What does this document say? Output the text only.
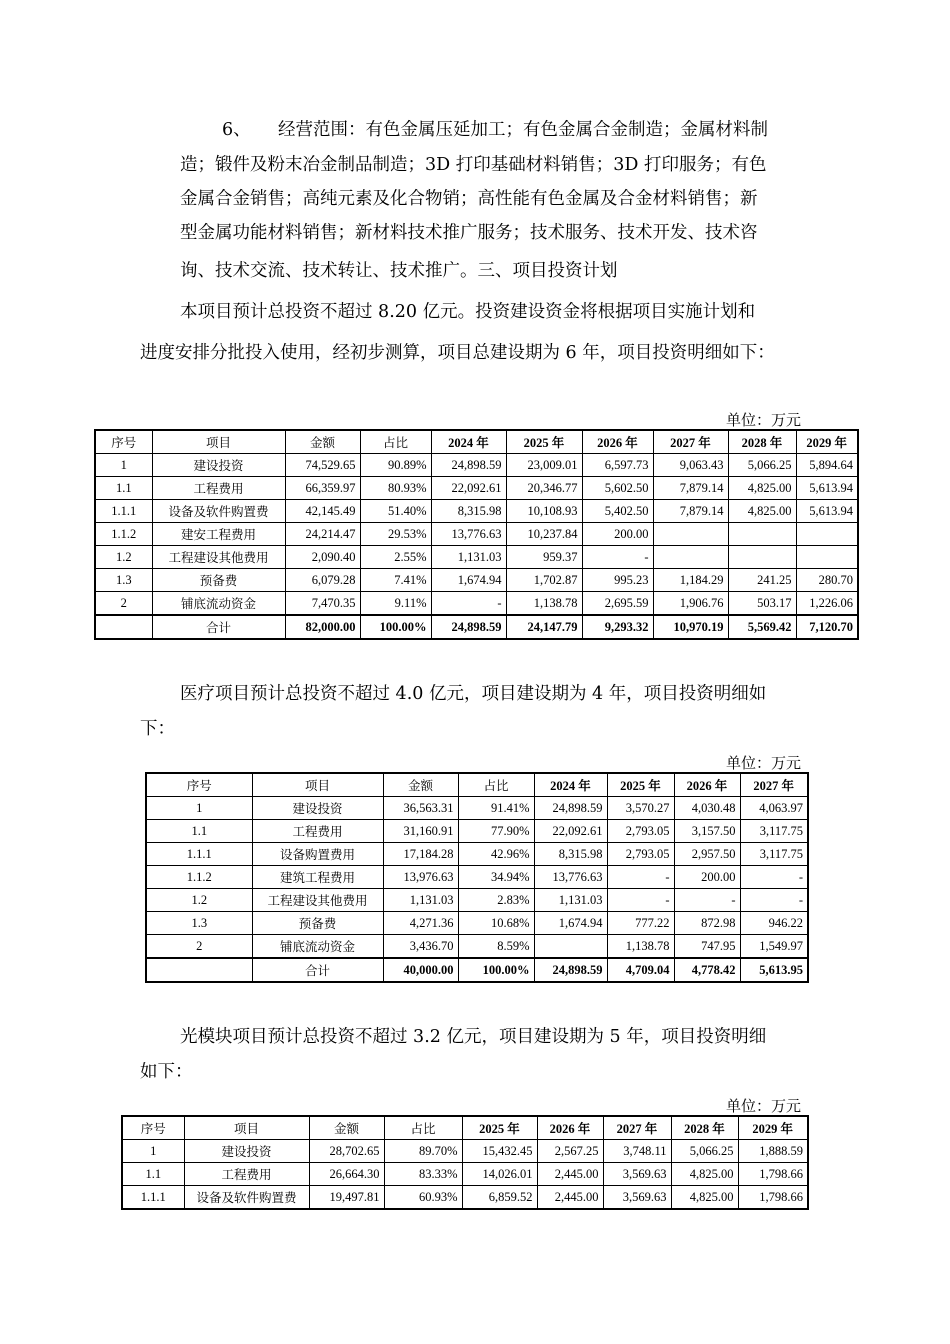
6、 经营范围：有色金属压延加工；有色金属合金制造；金属材料制
造；锻件及粉末冶金制品制造；3D 打印基础材料销售；3D 打印服务；有色
金属合金销售；高纯元素及化合物销；高性能有色金属及合金材料销售；新
型金属功能材料销售；新材料技术推广服务；技术服务、技术开发、技术咨
询、技术交流、技术转让、技术推广。三、项目投资计划
本项目预计总投资不超过 8.20 亿元。投资建设资金将根据项目实施计划和
进度安排分批投入使用，经初步测算，项目总建设期为 6 年，项目投资明细如下：
单位：万元
序号	项目	金额	占比	2024 年	2025 年	2026 年	2027 年	2028 年	2029 年
1	建设投资	74,529.65	90.89%	24,898.59	23,009.01	6,597.73	9,063.43	5,066.25	5,894.64
1.1	工程费用	66,359.97	80.93%	22,092.61	20,346.77	5,602.50	7,879.14	4,825.00	5,613.94
1.1.1	设备及软件购置费	42,145.49	51.40%	8,315.98	10,108.93	5,402.50	7,879.14	4,825.00	5,613.94
1.1.2	建安工程费用	24,214.47	29.53%	13,776.63	10,237.84	200.00			
1.2	工程建设其他费用	2,090.40	2.55%	1,131.03	959.37	-			
1.3	预备费	6,079.28	7.41%	1,674.94	1,702.87	995.23	1,184.29	241.25	280.70
2	铺底流动资金	7,470.35	9.11%	-	1,138.78	2,695.59	1,906.76	503.17	1,226.06
	合计	82,000.00	100.00%	24,898.59	24,147.79	9,293.32	10,970.19	5,569.42	7,120.70
医疗项目预计总投资不超过 4.0 亿元，项目建设期为 4 年，项目投资明细如
下：
单位：万元
序号	项目	金额	占比	2024 年	2025 年	2026 年	2027 年
1	建设投资	36,563.31	91.41%	24,898.59	3,570.27	4,030.48	4,063.97
1.1	工程费用	31,160.91	77.90%	22,092.61	2,793.05	3,157.50	3,117.75
1.1.1	设备购置费用	17,184.28	42.96%	8,315.98	2,793.05	2,957.50	3,117.75
1.1.2	建筑工程费用	13,976.63	34.94%	13,776.63	-	200.00	-
1.2	工程建设其他费用	1,131.03	2.83%	1,131.03	-	-	-
1.3	预备费	4,271.36	10.68%	1,674.94	777.22	872.98	946.22
2	铺底流动资金	3,436.70	8.59%		1,138.78	747.95	1,549.97
	合计	40,000.00	100.00%	24,898.59	4,709.04	4,778.42	5,613.95
光模块项目预计总投资不超过 3.2 亿元，项目建设期为 5 年，项目投资明细
如下：
单位：万元
序号	项目	金额	占比	2025 年	2026 年	2027 年	2028 年	2029 年
1	建设投资	28,702.65	89.70%	15,432.45	2,567.25	3,748.11	5,066.25	1,888.59
1.1	工程费用	26,664.30	83.33%	14,026.01	2,445.00	3,569.63	4,825.00	1,798.66
1.1.1	设备及软件购置费	19,497.81	60.93%	6,859.52	2,445.00	3,569.63	4,825.00	1,798.66
